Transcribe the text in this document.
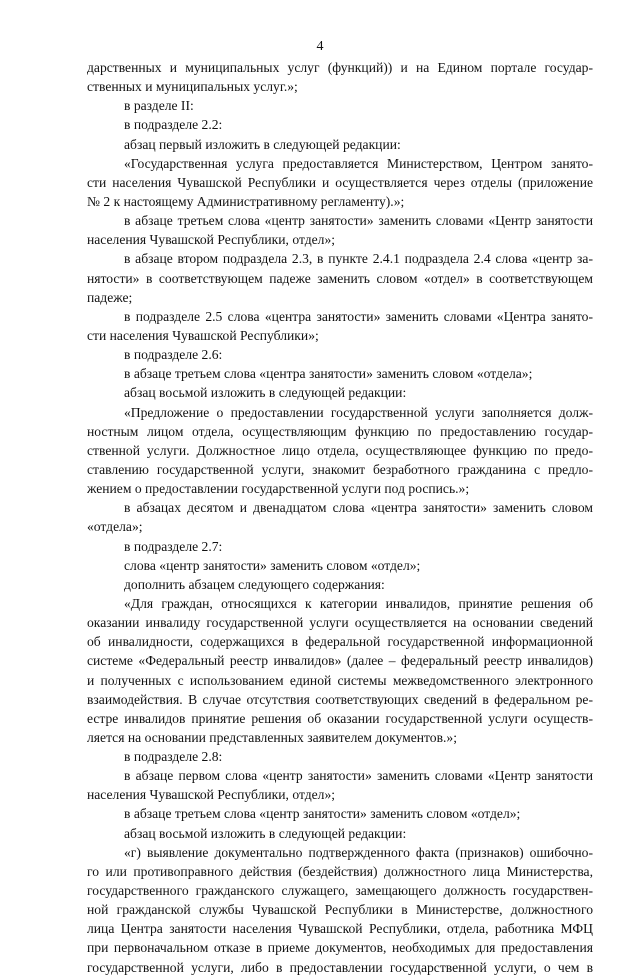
4
дарственных и муниципальных услуг (функций)) и на Едином портале государ-
ственных и муниципальных услуг.»;
в разделе II:
в подразделе 2.2:
абзац первый изложить в следующей редакции:
«Государственная услуга предоставляется Министерством, Центром занято-
сти населения Чувашской Республики и осуществляется через отделы (приложение
№ 2 к настоящему Административному регламенту).»;
в абзаце третьем слова «центр занятости» заменить словами «Центр занятости
населения Чувашской Республики, отдел»;
в абзаце втором подраздела 2.3, в пункте 2.4.1 подраздела 2.4 слова «центр за-
нятости» в соответствующем падеже заменить словом «отдел» в соответствующем
падеже;
в подразделе 2.5 слова «центра занятости» заменить словами «Центра занято-
сти населения Чувашской Республики»;
в подразделе 2.6:
в абзаце третьем слова «центра занятости» заменить словом «отдела»;
абзац восьмой изложить в следующей редакции:
«Предложение о предоставлении государственной услуги заполняется долж-
ностным лицом отдела, осуществляющим функцию по предоставлению государ-
ственной услуги. Должностное лицо отдела, осуществляющее функцию по предо-
ставлению государственной услуги, знакомит безработного гражданина с предло-
жением о предоставлении государственной услуги под роспись.»;
в абзацах десятом и двенадцатом слова «центра занятости» заменить словом
«отдела»;
в подразделе 2.7:
слова «центр занятости» заменить словом «отдел»;
дополнить абзацем следующего содержания:
«Для граждан, относящихся к категории инвалидов, принятие решения об
оказании инвалиду государственной услуги осуществляется на основании сведений
об инвалидности, содержащихся в федеральной государственной информационной
системе «Федеральный реестр инвалидов» (далее – федеральный реестр инвалидов)
и полученных с использованием единой системы межведомственного электронного
взаимодействия. В случае отсутствия соответствующих сведений в федеральном ре-
естре инвалидов принятие решения об оказании государственной услуги осуществ-
ляется на основании представленных заявителем документов.»;
в подразделе 2.8:
в абзаце первом слова «центр занятости» заменить словами «Центр занятости
населения Чувашской Республики, отдел»;
в абзаце третьем слова «центр занятости» заменить словом «отдел»;
абзац восьмой изложить в следующей редакции:
«г) выявление документально подтвержденного факта (признаков) ошибочно-
го или противоправного действия (бездействия) должностного лица Министерства,
государственного гражданского служащего, замещающего должность государствен-
ной гражданской службы Чувашской Республики в Министерстве, должностного
лица Центра занятости населения Чувашской Республики, отдела, работника МФЦ
при первоначальном отказе в приеме документов, необходимых для предоставления
государственной услуги, либо в предоставлении государственной услуги, о чем в
